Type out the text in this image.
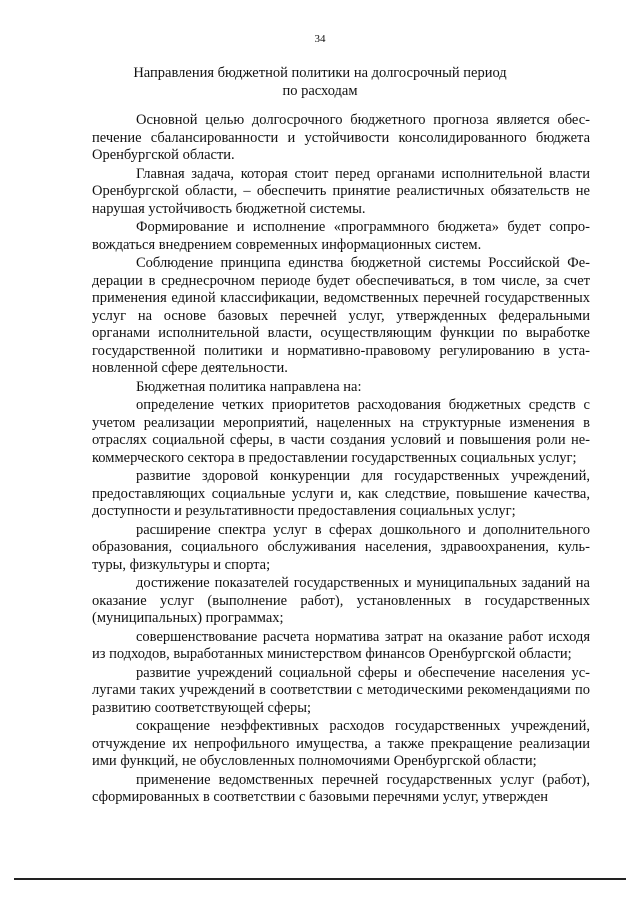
34
Направления бюджетной политики на долгосрочный период
по расходам

Основной целью долгосрочного бюджетного прогноза является обеспечение сбалансированности и устойчивости консолидированного бюджета Оренбургской области.

Главная задача, которая стоит перед органами исполнительной власти Оренбургской области, – обеспечить принятие реалистичных обязательств не нарушая устойчивость бюджетной системы.

Формирование и исполнение «программного бюджета» будет сопровождаться внедрением современных информационных систем.

Соблюдение принципа единства бюджетной системы Российской Федерации в среднесрочном периоде будет обеспечиваться, в том числе, за счет применения единой классификации, ведомственных перечней государственных услуг на основе базовых перечней услуг, утвержденных федеральными органами исполнительной власти, осуществляющим функции по выработке государственной политики и нормативно-правовому регулированию в установленной сфере деятельности.

Бюджетная политика направлена на:

определение четких приоритетов расходования бюджетных средств с учетом реализации мероприятий, нацеленных на структурные изменения в отраслях социальной сферы, в части создания условий и повышения роли некоммерческого сектора в предоставлении государственных социальных услуг;

развитие здоровой конкуренции для государственных учреждений, предоставляющих социальные услуги и, как следствие, повышение качества, доступности и результативности предоставления социальных услуг;

расширение спектра услуг в сферах дошкольного и дополнительного образования, социального обслуживания населения, здравоохранения, культуры, физкультуры и спорта;

достижение показателей государственных и муниципальных заданий на оказание услуг (выполнение работ), установленных в государственных (муниципальных) программах;

совершенствование расчета норматива затрат на оказание работ исходя из подходов, выработанных министерством финансов Оренбургской области;

развитие учреждений социальной сферы и обеспечение населения услугами таких учреждений в соответствии с методическими рекомендациями по развитию соответствующей сферы;

сокращение неэффективных расходов государственных учреждений, отчуждение их непрофильного имущества, а также прекращение реализации ими функций, не обусловленных полномочиями Оренбургской области;

применение ведомственных перечней государственных услуг (работ), сформированных в соответствии с базовыми перечнями услуг, утвержден
